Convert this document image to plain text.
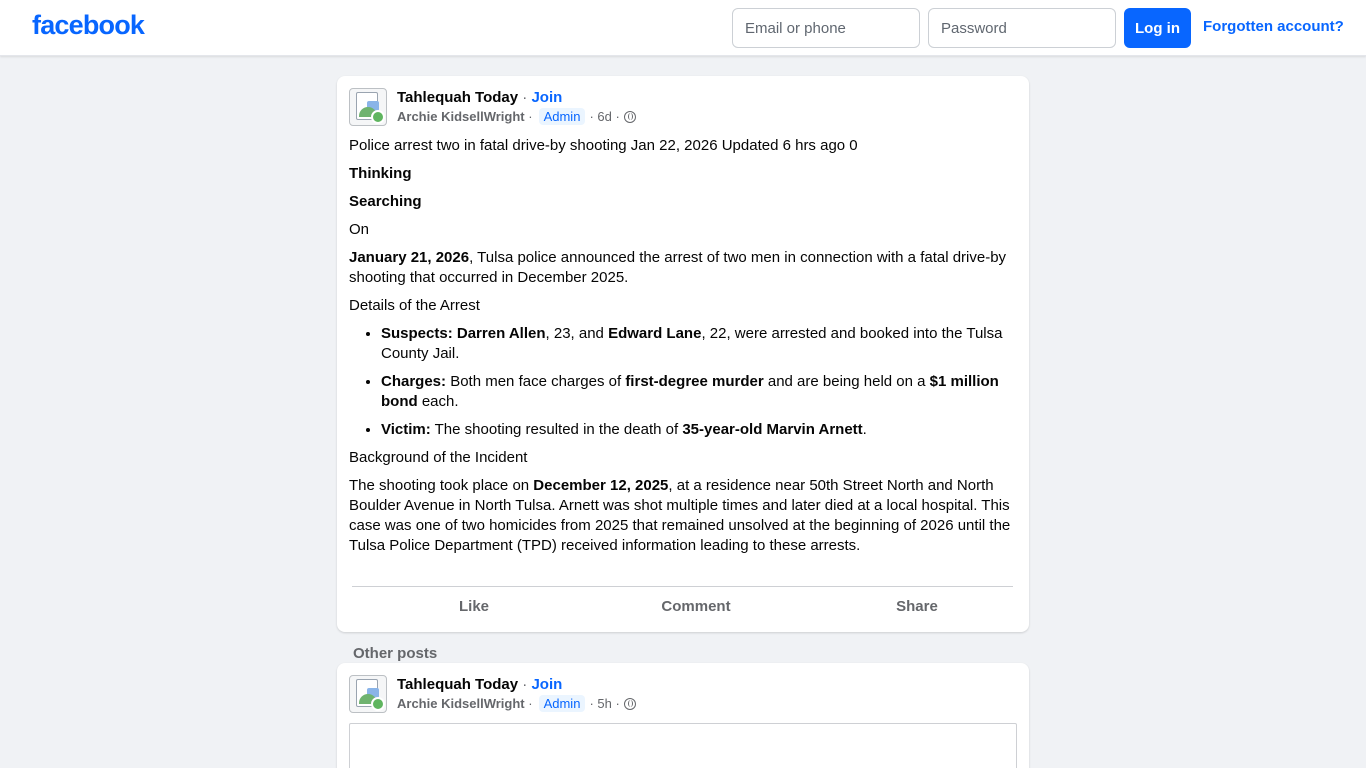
facebook
Email or phone	Log in	Forgotten account?
Tahlequah Today · Join
Archie KidsellWright · Admin · 6d ·

Police arrest two in fatal drive-by shooting Jan 22, 2026 Updated 6 hrs ago 0

Thinking

Searching

On

January 21, 2026, Tulsa police announced the arrest of two men in connection with a fatal drive-by shooting that occurred in December 2025.

Details of the Arrest

• Suspects: Darren Allen, 23, and Edward Lane, 22, were arrested and booked into the Tulsa County Jail.
• Charges: Both men face charges of first-degree murder and are being held on a $1 million bond each.
• Victim: The shooting resulted in the death of 35-year-old Marvin Arnett.

Background of the Incident

The shooting took place on December 12, 2025, at a residence near 50th Street North and North Boulder Avenue in North Tulsa. Arnett was shot multiple times and later died at a local hospital. This case was one of two homicides from 2025 that remained unsolved at the beginning of 2026 until the Tulsa Police Department (TPD) received information leading to these arrests.

Like	Comment	Share
Other posts
Tahlequah Today · Join
Archie KidsellWright · Admin · 5h ·
